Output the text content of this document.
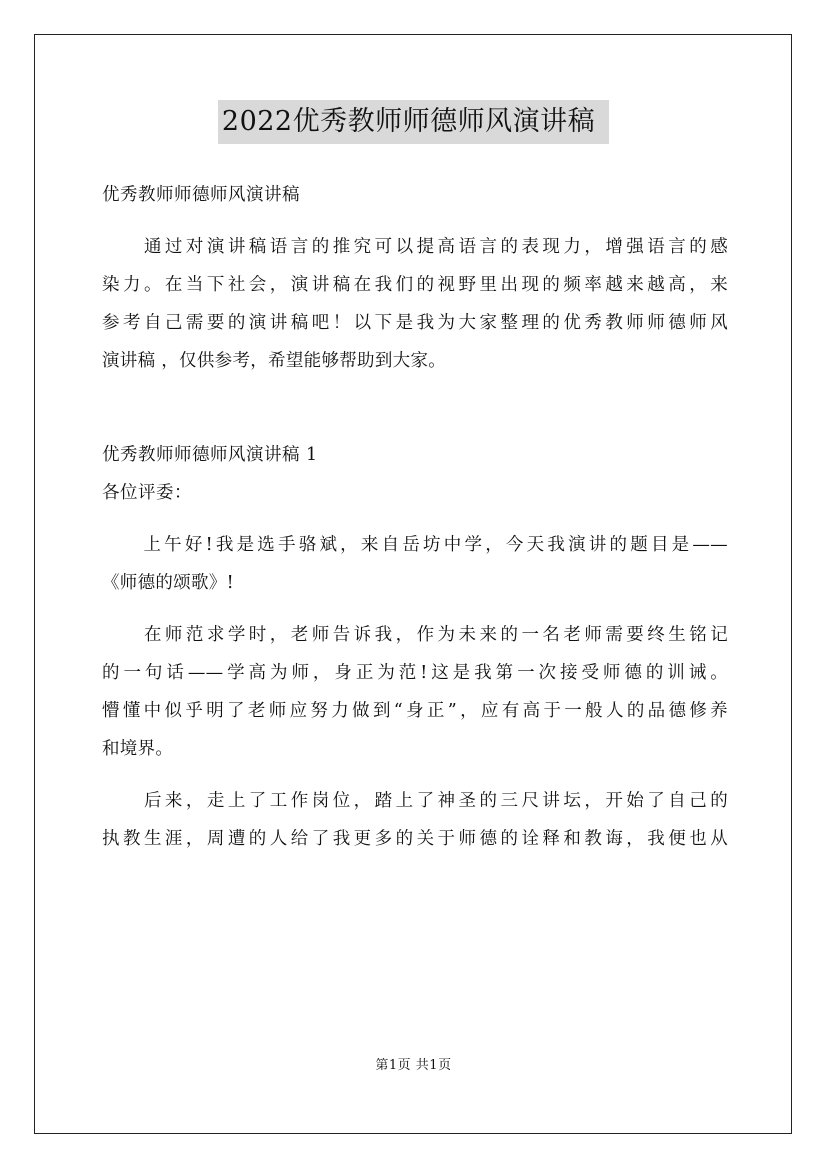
2022优秀教师师德师风演讲稿

优秀教师师德师风演讲稿

　　通过对演讲稿语言的推究可以提高语言的表现力，增强语言的感
染力。在当下社会，演讲稿在我们的视野里出现的频率越来越高，来
参考自己需要的演讲稿吧！以下是我为大家整理的优秀教师师德师风
演讲稿 ，仅供参考，希望能够帮助到大家。

优秀教师师德师风演讲稿 1

各位评委：

　　上午好!我是选手骆斌，来自岳坊中学，今天我演讲的题目是——
《师德的颂歌》!

　　在师范求学时，老师告诉我，作为未来的一名老师需要终生铭记
的一句话——学高为师，身正为范!这是我第一次接受师德的训诫。
懵懂中似乎明了老师应努力做到“身正”，应有高于一般人的品德修养
和境界。

　　后来，走上了工作岗位，踏上了神圣的三尺讲坛，开始了自己的
执教生涯，周遭的人给了我更多的关于师德的诠释和教诲，我便也从

第1页 共1页
